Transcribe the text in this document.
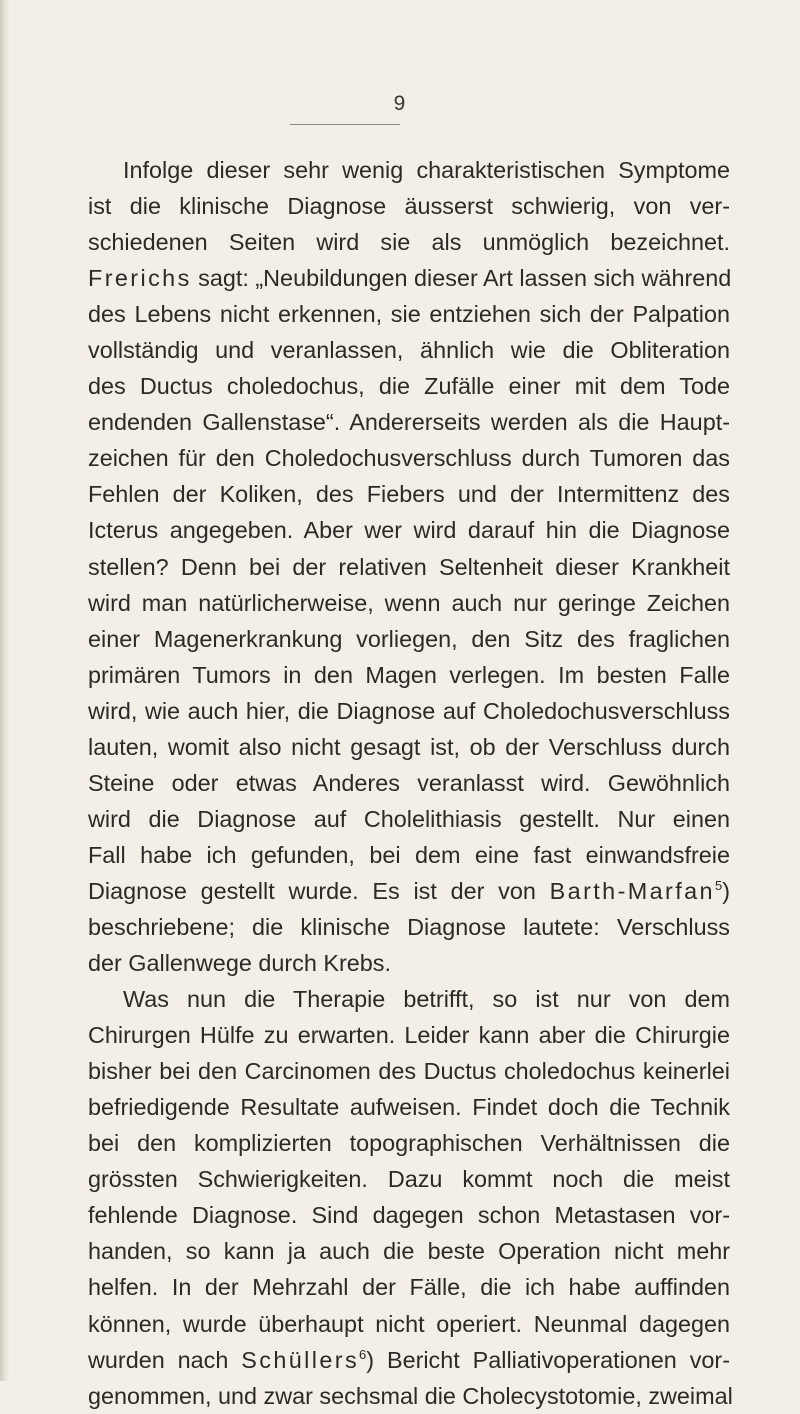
9
Infolge dieser sehr wenig charakteristischen Symptome
ist die klinische Diagnose äusserst schwierig, von ver-
schiedenen Seiten wird sie als unmöglich bezeichnet.
Frerichs sagt: „Neubildungen dieser Art lassen sich während
des Lebens nicht erkennen, sie entziehen sich der Palpation
vollständig und veranlassen, ähnlich wie die Obliteration
des Ductus choledochus, die Zufälle einer mit dem Tode
endenden Gallenstase“. Andererseits werden als die Haupt-
zeichen für den Choledochusverschluss durch Tumoren das
Fehlen der Koliken, des Fiebers und der Intermittenz des
Icterus angegeben. Aber wer wird darauf hin die Diagnose
stellen? Denn bei der relativen Seltenheit dieser Krankheit
wird man natürlicherweise, wenn auch nur geringe Zeichen
einer Magenerkrankung vorliegen, den Sitz des fraglichen
primären Tumors in den Magen verlegen. Im besten Falle
wird, wie auch hier, die Diagnose auf Choledochusverschluss
lauten, womit also nicht gesagt ist, ob der Verschluss durch
Steine oder etwas Anderes veranlasst wird. Gewöhnlich
wird die Diagnose auf Cholelithiasis gestellt. Nur einen
Fall habe ich gefunden, bei dem eine fast einwandsfreie
Diagnose gestellt wurde. Es ist der von Barth-Marfan$^5$)
beschriebene; die klinische Diagnose lautete: Verschluss
der Gallenwege durch Krebs.
Was nun die Therapie betrifft, so ist nur von dem
Chirurgen Hülfe zu erwarten. Leider kann aber die Chirurgie
bisher bei den Carcinomen des Ductus choledochus keinerlei
befriedigende Resultate aufweisen. Findet doch die Technik
bei den komplizierten topographischen Verhältnissen die
grössten Schwierigkeiten. Dazu kommt noch die meist
fehlende Diagnose. Sind dagegen schon Metastasen vor-
handen, so kann ja auch die beste Operation nicht mehr
helfen. In der Mehrzahl der Fälle, die ich habe auffinden
können, wurde überhaupt nicht operiert. Neunmal dagegen
wurden nach Schüllers$^6$) Bericht Palliativoperationen vor-
genommen, und zwar sechsmal die Cholecystotomie, zweimal
